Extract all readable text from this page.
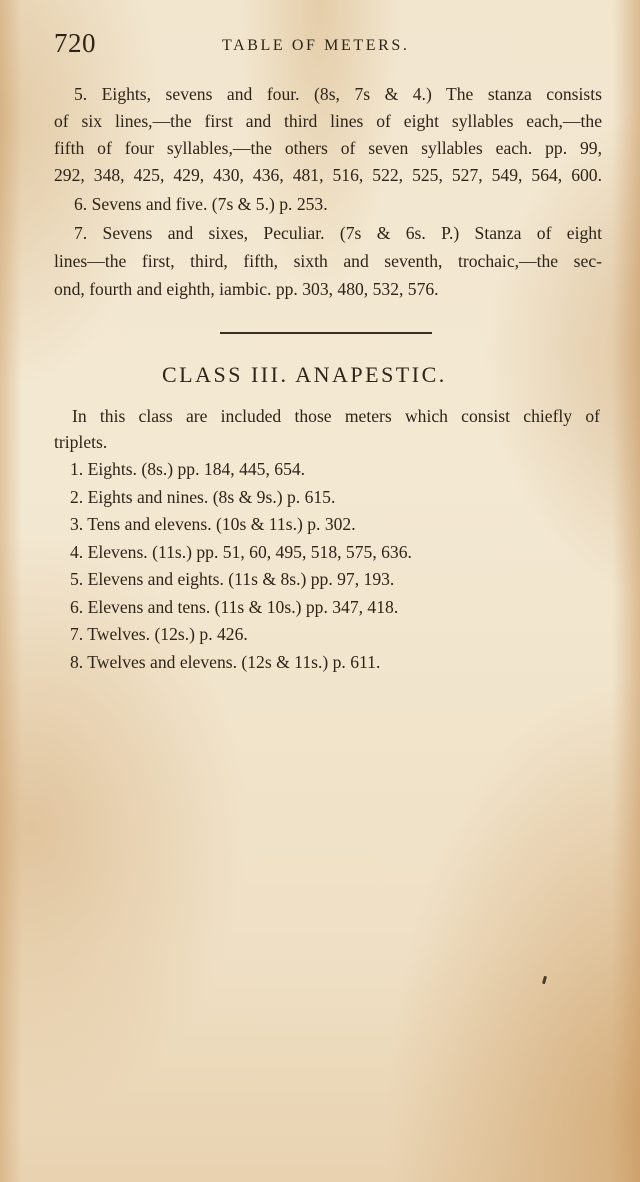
720	TABLE OF METERS.
5. Eights, sevens and four. (8s, 7s & 4.) The stanza consists
of six lines,—the first and third lines of eight syllables each,—the
fifth of four syllables,—the others of seven syllables each. pp. 99,
292, 348, 425, 429, 430, 436, 481, 516, 522, 525, 527, 549, 564, 600.
6. Sevens and five. (7s & 5.) p. 253.
7. Sevens and sixes, Peculiar. (7s & 6s. P.) Stanza of eight
lines—the first, third, fifth, sixth and seventh, trochaic,—the sec-
ond, fourth and eighth, iambic. pp. 303, 480, 532, 576.
CLASS III. ANAPESTIC.
In this class are included those meters which consist chiefly of
triplets.
1. Eights. (8s.) pp. 184, 445, 654.
2. Eights and nines. (8s & 9s.) p. 615.
3. Tens and elevens. (10s & 11s.) p. 302.
4. Elevens. (11s.) pp. 51, 60, 495, 518, 575, 636.
5. Elevens and eights. (11s & 8s.) pp. 97, 193.
6. Elevens and tens. (11s & 10s.) pp. 347, 418.
7. Twelves. (12s.) p. 426.
8. Twelves and elevens. (12s & 11s.) p. 611.
